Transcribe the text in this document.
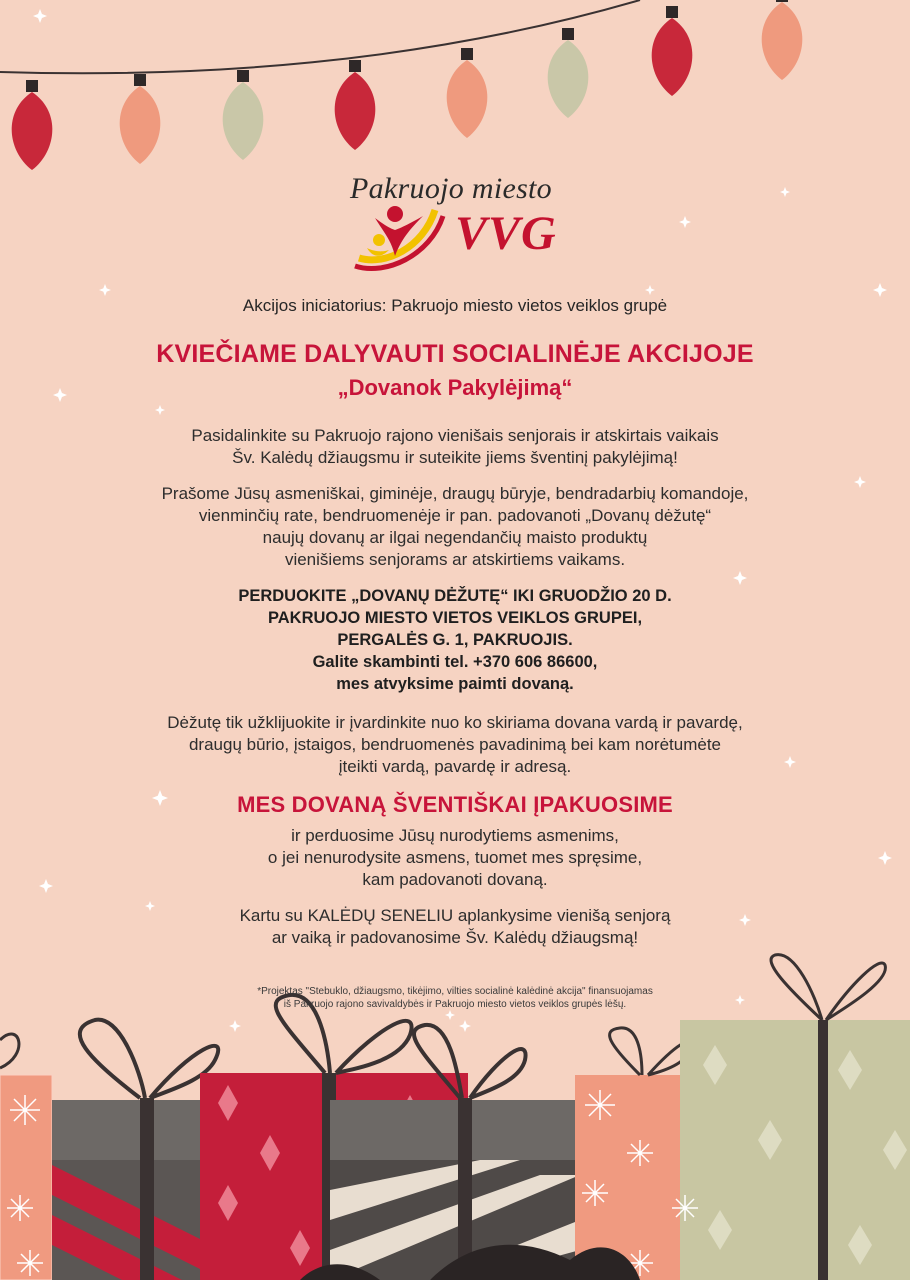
Pakruojo miesto
VVG
Akcijos iniciatorius: Pakruojo miesto vietos veiklos grupė
KVIEČIAME DALYVAUTI SOCIALINĖJE AKCIJOJE
„Dovanok Pakylėjimą“
Pasidalinkite su Pakruojo rajono vienišais senjorais ir atskirtais vaikais
Šv. Kalėdų džiaugsmu ir suteikite jiems šventinį pakylėjimą!
Prašome Jūsų asmeniškai, giminėje, draugų būryje, bendradarbių komandoje,
vienminčių rate, bendruomenėje ir pan. padovanoti „Dovanų dėžutę“
naujų dovanų ar ilgai negendančių maisto produktų
vienišiems senjorams ar atskirtiems vaikams.
PERDUOKITE „DOVANŲ DĖŽUTĘ“ IKI GRUODŽIO 20 D.
PAKRUOJO MIESTO VIETOS VEIKLOS GRUPEI,
PERGALĖS G. 1, PAKRUOJIS.
Galite skambinti tel. +370 606 86600,
mes atvyksime paimti dovaną.
Dėžutę tik užklijuokite ir įvardinkite nuo ko skiriama dovana vardą ir pavardę,
draugų būrio, įstaigos, bendruomenės pavadinimą bei kam norėtumėte
įteikti vardą, pavardę ir adresą.
MES DOVANĄ ŠVENTIŠKAI ĮPAKUOSIME
ir perduosime Jūsų nurodytiems asmenims,
o jei nenurodysite asmens, tuomet mes spręsime,
kam padovanoti dovaną.
Kartu su KALĖDŲ SENELIU aplankysime vienišą senjorą
ar vaiką ir padovanosime Šv. Kalėdų džiaugsmą!
*Projektas "Stebuklo, džiaugsmo, tikėjimo, vilties socialinė kalėdinė akcija" finansuojamas
iš Pakruojo rajono savivaldybės ir Pakruojo miesto vietos veiklos grupės lėšų.
